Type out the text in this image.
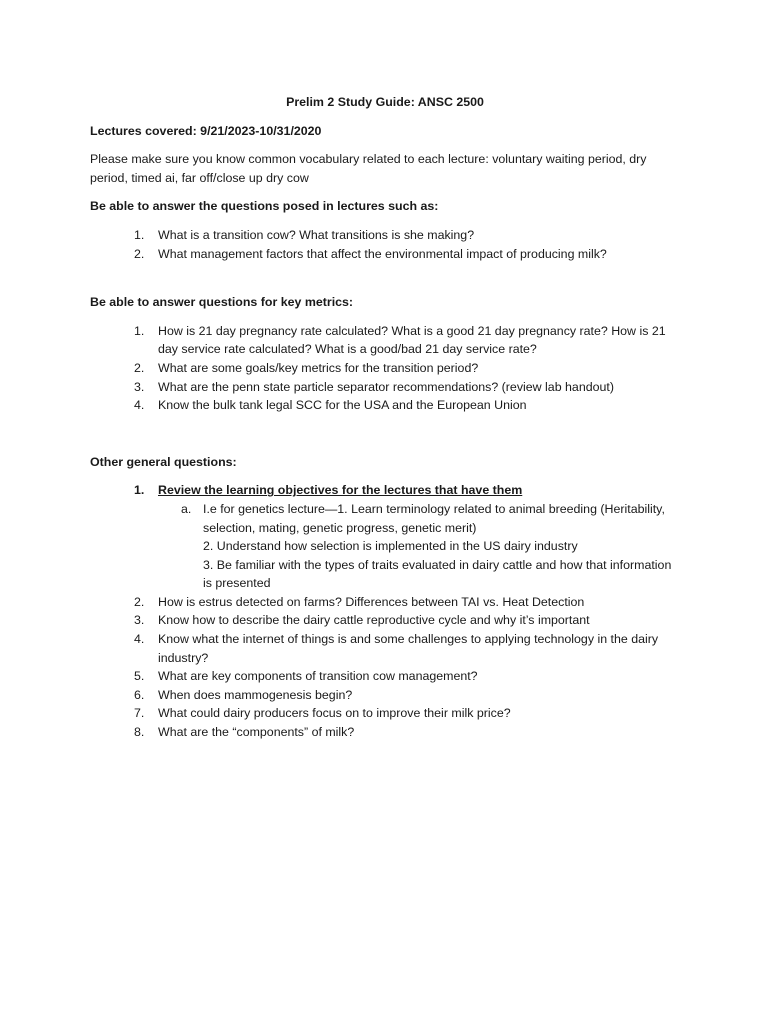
Prelim 2 Study Guide: ANSC 2500

Lectures covered: 9/21/2023-10/31/2020

Please make sure you know common vocabulary related to each lecture: voluntary waiting period, dry period, timed ai, far off/close up dry cow

Be able to answer the questions posed in lectures such as:

1. What is a transition cow? What transitions is she making?
2. What management factors that affect the environmental impact of producing milk?

Be able to answer questions for key metrics:

1. How is 21 day pregnancy rate calculated? What is a good 21 day pregnancy rate? How is 21 day service rate calculated? What is a good/bad 21 day service rate?
2. What are some goals/key metrics for the transition period?
3. What are the penn state particle separator recommendations? (review lab handout)
4. Know the bulk tank legal SCC for the USA and the European Union

Other general questions:

1. Review the learning objectives for the lectures that have them
a. I.e for genetics lecture—1. Learn terminology related to animal breeding (Heritability, selection, mating, genetic progress, genetic merit)
2. Understand how selection is implemented in the US dairy industry
3. Be familiar with the types of traits evaluated in dairy cattle and how that information is presented
2. How is estrus detected on farms? Differences between TAI vs. Heat Detection
3. Know how to describe the dairy cattle reproductive cycle and why it’s important
4. Know what the internet of things is and some challenges to applying technology in the dairy industry?
5. What are key components of transition cow management?
6. When does mammogenesis begin?
7. What could dairy producers focus on to improve their milk price?
8. What are the “components” of milk?
